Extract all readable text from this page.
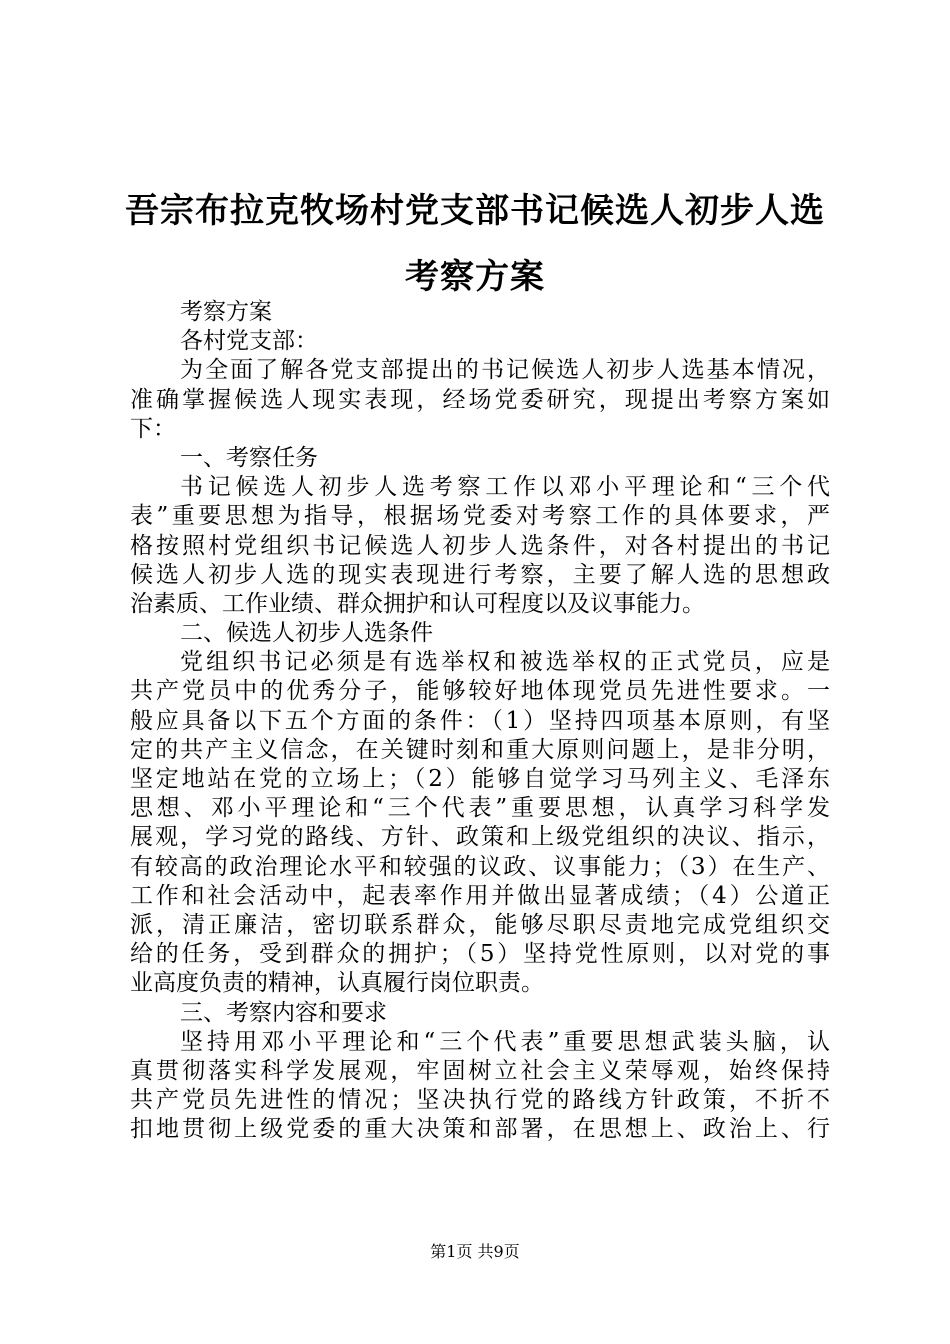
吾宗布拉克牧场村党支部书记候选人初步人选
考察方案
考察方案
各村党支部：
为全面了解各党支部提出的书记候选人初步人选基本情况，
准确掌握候选人现实表现，经场党委研究，现提出考察方案如
下：
一、考察任务
书记候选人初步人选考察工作以邓小平理论和“三个代
表”重要思想为指导，根据场党委对考察工作的具体要求，严
格按照村党组织书记候选人初步人选条件，对各村提出的书记
候选人初步人选的现实表现进行考察，主要了解人选的思想政
治素质、工作业绩、群众拥护和认可程度以及议事能力。
二、候选人初步人选条件
党组织书记必须是有选举权和被选举权的正式党员，应是
共产党员中的优秀分子，能够较好地体现党员先进性要求。一
般应具备以下五个方面的条件：（1）坚持四项基本原则，有坚
定的共产主义信念，在关键时刻和重大原则问题上，是非分明，
坚定地站在党的立场上；（2）能够自觉学习马列主义、毛泽东
思想、邓小平理论和“三个代表”重要思想，认真学习科学发
展观，学习党的路线、方针、政策和上级党组织的决议、指示，
有较高的政治理论水平和较强的议政、议事能力；（3）在生产、
工作和社会活动中，起表率作用并做出显著成绩；（4）公道正
派，清正廉洁，密切联系群众，能够尽职尽责地完成党组织交
给的任务，受到群众的拥护；（5）坚持党性原则，以对党的事
业高度负责的精神，认真履行岗位职责。
三、考察内容和要求
坚持用邓小平理论和“三个代表”重要思想武装头脑，认
真贯彻落实科学发展观，牢固树立社会主义荣辱观，始终保持
共产党员先进性的情况；坚决执行党的路线方针政策，不折不
扣地贯彻上级党委的重大决策和部署，在思想上、政治上、行
第1页 共9页
